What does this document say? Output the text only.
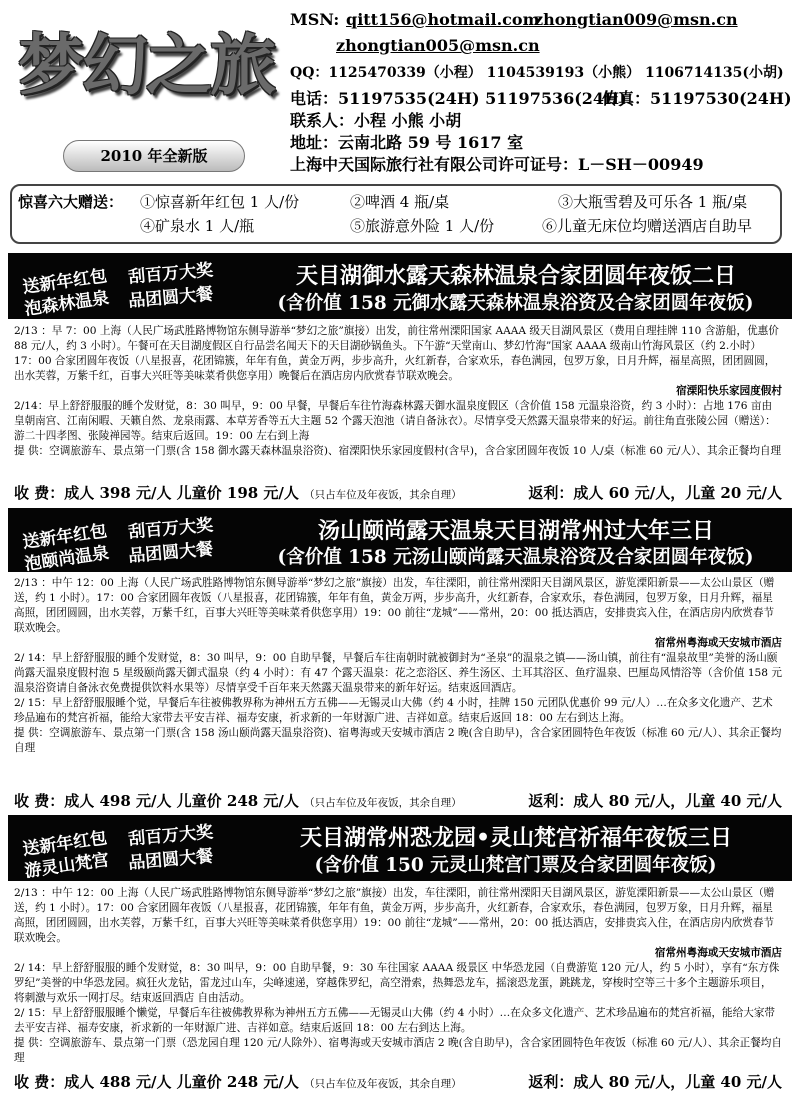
梦幻之旅
2010 年全新版
MSN: qitt156@hotmail.com
zhongtian009@msn.cn
zhongtian005@msn.cn
QQ：1125470339（小程） 1104539193（小熊） 1106714135(小胡)
电话：51197535(24H) 51197536(24H)
传真：51197530(24H)
联系人：小程 小熊 小胡
地址：云南北路 59 号 1617 室
上海中天国际旅行社有限公司许可证号：L－SH－00949
惊喜六大赠送： ①惊喜新年红包 1 人/份	②啤酒 4 瓶/桌	③大瓶雪碧及可乐各 1 瓶/桌
④矿泉水 1 人/瓶	⑤旅游意外险 1 人/份	⑥儿童无床位均赠送酒店自助早
送新年红包
泡森林温泉
刮百万大奖
品团圆大餐
天目湖御水露天森林温泉合家团圆年夜饭二日
(含价值 158 元御水露天森林温泉浴资及合家团圆年夜饭)

2/13 ：早 7：00 上海（人民广场武胜路博物馆东侧导游举“梦幻之旅”旗接）出发，前往常州溧阳国家 AAAA 级天目湖风景区（费用自理挂牌 110 含游船，优惠价 88 元/人，约 3 小时）。午餐可在天目湖度假区自行品尝名闻天下的天目湖砂锅鱼头。下午游“天堂南山、梦幻竹海”国家 AAAA 级南山竹海风景区（约 2.小时）17：00 合家团圆年夜饭（八星报喜，花团锦簇，年年有鱼，黄金万两，步步高升，火红新春，合家欢乐，春色满园，包罗万象，日月升辉，福星高照，团团圆圆，出水芙蓉，万紫千红，百事大兴旺等美味菜肴供您享用）晚餐后在酒店房内欣赏春节联欢晚会。

宿溧阳快乐家园度假村

2/14：早上舒舒服服的睡个发财觉，8：30 叫早，9：00 早餐，早餐后车往竹海森林露天御水温泉度假区（含价值 158 元温泉浴资，约 3 小时）：占地 176 亩由皇朝南宫、江南闲暇、天籁自然、龙泉雨露、本草芳香等五大主题 52 个露天泡池（请自备泳衣）。尽情享受天然露天温泉带来的好运。前往角直张陵公园（赠送）：游二十四孝图、张陵禅园等。结束后返回。19：00 左右到上海

提 供：空调旅游车、景点第一门票(含 158 御水露天森林温泉浴资)、宿溧阳快乐家园度假村(含早)，含合家团圆年夜饭 10 人/桌（标准 60 元/人）、其余正餐均自理

收 费：成人 398 元/人 儿童价 198 元/人 （只占车位及年夜饭，其余自理）	返利：成人 60 元/人，儿童 20 元/人
送新年红包
泡颐尚温泉
刮百万大奖
品团圆大餐
汤山颐尚露天温泉天目湖常州过大年三日
(含价值 158 元汤山颐尚露天温泉浴资及合家团圆年夜饭)

2/13 ：中午 12：00 上海（人民广场武胜路博物馆东侧导游举“梦幻之旅”旗接）出发，车往溧阳，前往常州溧阳天目湖风景区，游览溧阳新景——太公山景区（赠送，约 1 小时）。17：00 合家团圆年夜饭（八星报喜，花团锦簇，年年有鱼，黄金万两，步步高升，火红新春，合家欢乐，春色满园，包罗万象，日月升辉，福星高照，团团圆圆，出水芙蓉，万紫千红，百事大兴旺等美味菜肴供您享用）19：00 前往“龙城”——常州，20：00 抵达酒店，安排贵宾入住，在酒店房内欣赏春节联欢晚会。

宿常州粤海或天安城市酒店

2/ 14：早上舒舒服服的睡个发财觉，8：30 叫早，9：00 自助早餐，早餐后车往南朝时就被御封为“圣泉”的温泉之镇——汤山镇，前往有“温泉故里”美誉的汤山颐尚露天温泉度假村泡 5 星级颐尚露天御式温泉（约 4 小时）：有 47 个露天温泉：花之恋浴区、养生汤区、土耳其浴区、鱼疗温泉、巴厘岛风情浴等（含价值 158 元温泉浴资请自备泳衣免费提供饮料水果等）尽情享受千百年来天然露天温泉带来的新年好运。结束返回酒店。

2/ 15：早上舒舒服服睡个觉，早餐后车往被佛教界称为神州五方五佛——无锡灵山大佛（约 4 小时，挂牌 150 元团队优惠价 99 元/人）…在众多文化遗产、艺术珍品遍布的梵宫祈福，能给大家带去平安吉祥、福寿安康，祈求新的一年财源广进、吉祥如意。结束后返回 18：00 左右到达上海。

提 供：空调旅游车、景点第一门票(含 158 汤山颐尚露天温泉浴资)、宿粤海或天安城市酒店 2 晚(含自助早)，含合家团圆特色年夜饭（标准 60 元/人）、其余正餐均自理

收 费：成人 498 元/人 儿童价 248 元/人 （只占车位及年夜饭，其余自理）	返利：成人 80 元/人，儿童 40 元/人
送新年红包
游灵山梵宫
刮百万大奖
品团圆大餐
天目湖常州恐龙园•灵山梵宫祈福年夜饭三日
(含价值 150 元灵山梵宫门票及合家团圆年夜饭)

2/13 ：中午 12：00 上海（人民广场武胜路博物馆东侧导游举“梦幻之旅”旗接）出发，车往溧阳，前往常州溧阳天目湖风景区，游览溧阳新景——太公山景区（赠送，约 1 小时）。17：00 合家团圆年夜饭（八星报喜，花团锦簇，年年有鱼，黄金万两，步步高升，火红新春，合家欢乐，春色满园，包罗万象，日月升辉，福星高照，团团圆圆，出水芙蓉，万紫千红，百事大兴旺等美味菜肴供您享用）19：00 前往“龙城”——常州，20：00 抵达酒店，安排贵宾入住，在酒店房内欣赏春节联欢晚会。

宿常州粤海或天安城市酒店

2/ 14：早上舒舒服服的睡个发财觉，8：30 叫早，9：00 自助早餐，9：30 车往国家 AAAA 级景区 中华恐龙园（自费游览 120 元/人，约 5 小时），享有“东方侏罗纪”美誉的中华恐龙园。疯狂火龙钻，雷龙过山车，尖峰速递，穿越侏罗纪，高空滑索，热舞恐龙车，摇滚恐龙蛋，跳跳龙，穿梭时空等三十多个主题游乐项目，将刺激与欢乐一网打尽。结束返回酒店 自由活动。

2/ 15：早上舒舒服服睡个懒觉，早餐后车往被佛教界称为神州五方五佛——无锡灵山大佛（约 4 小时）…在众多文化遗产、艺术珍品遍布的梵宫祈福，能给大家带去平安吉祥、福寿安康，祈求新的一年财源广进、吉祥如意。结束后返回 18：00 左右到达上海。

提 供：空调旅游车、景点第一门票（恐龙园自理 120 元/人除外）、宿粤海或天安城市酒店 2 晚(含自助早)，含合家团圆特色年夜饭（标准 60 元/人）、其余正餐均自理

收 费：成人 488 元/人 儿童价 248 元/人 （只占车位及年夜饭，其余自理）	返利：成人 80 元/人，儿童 40 元/人
